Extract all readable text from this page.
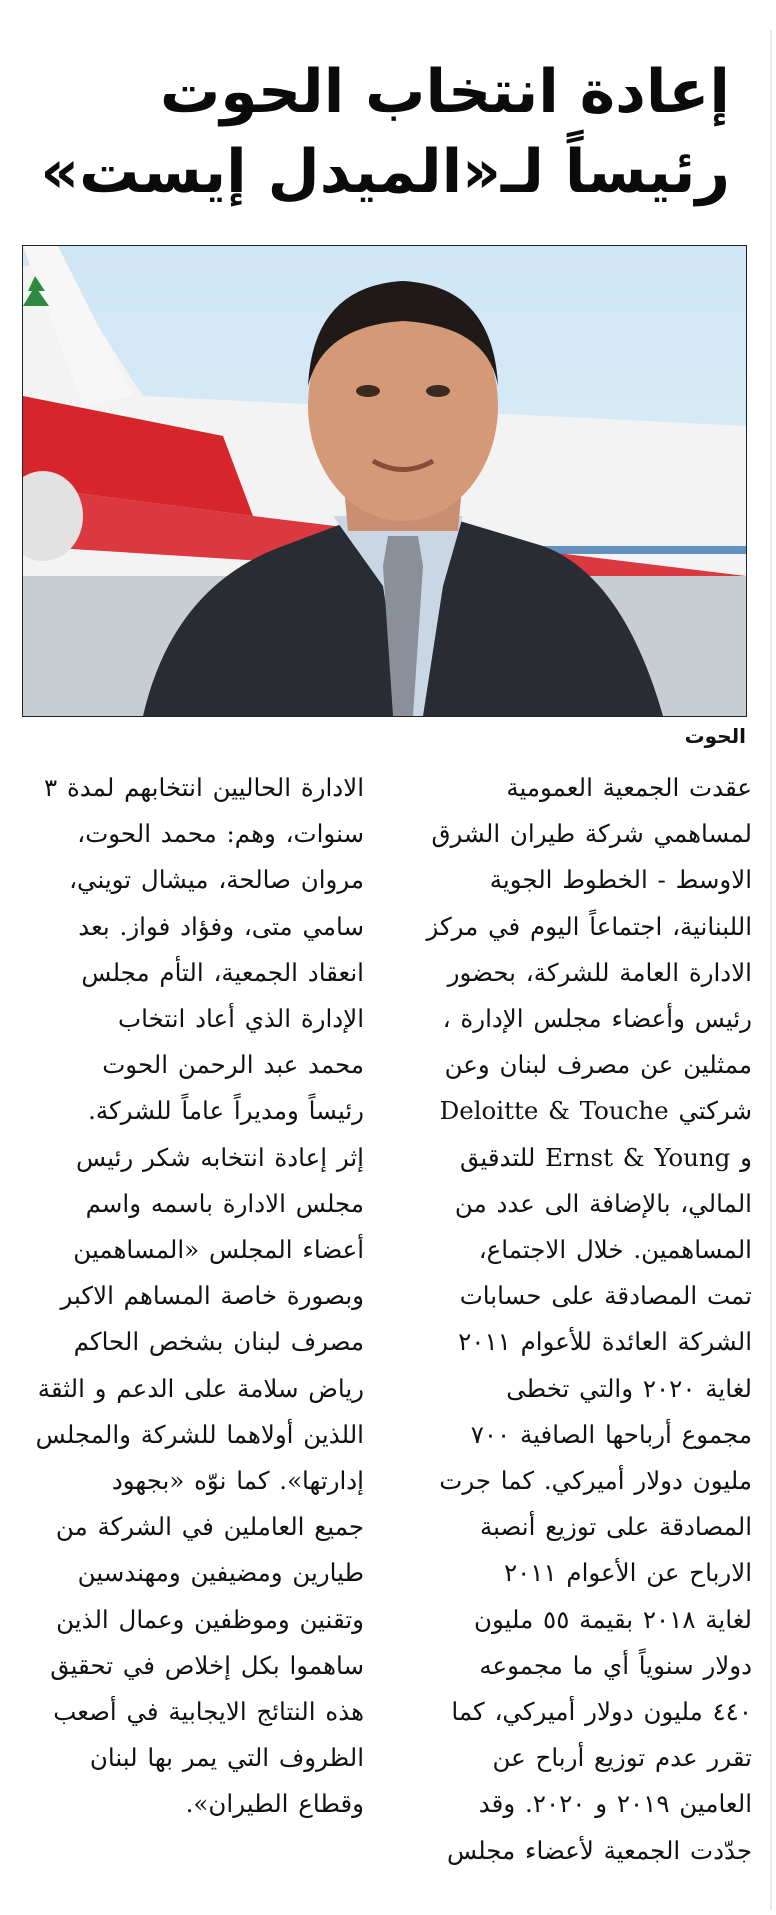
إعادة انتخاب الحوت
رئيساً لـ«الميدل إيست»
الحوت
عقدت الجمعية العمومية
لمساهمي شركة طيران الشرق
الاوسط - الخطوط الجوية
اللبنانية، اجتماعاً اليوم في مركز
الادارة العامة للشركة، بحضور
رئيس وأعضاء مجلس الإدارة ،
ممثلين عن مصرف لبنان وعن
شركتي Deloitte & Touche
و Ernst & Young للتدقيق
المالي، بالإضافة الى عدد من
المساهمين. خلال الاجتماع،
تمت المصادقة على حسابات
الشركة العائدة للأعوام ٢٠١١
لغاية ٢٠٢٠ والتي تخطى
مجموع أرباحها الصافية ٧٠٠
مليون دولار أميركي. كما جرت
المصادقة على توزيع أنصبة
الارباح عن الأعوام ٢٠١١
لغاية ٢٠١٨ بقيمة ٥٥ مليون
دولار سنوياً أي ما مجموعه
٤٤٠ مليون دولار أميركي، كما
تقرر عدم توزيع أرباح عن
العامين ٢٠١٩ و ٢٠٢٠. وقد
جدّدت الجمعية لأعضاء مجلس
الادارة الحاليين انتخابهم لمدة ٣
سنوات، وهم: محمد الحوت،
مروان صالحة، ميشال تويني،
سامي متى، وفؤاد فواز. بعد
انعقاد الجمعية، التأم مجلس
الإدارة الذي أعاد انتخاب
محمد عبد الرحمن الحوت
رئيساً ومديراً عاماً للشركة.
إثر إعادة انتخابه شكر رئيس
مجلس الادارة باسمه واسم
أعضاء المجلس «المساهمين
وبصورة خاصة المساهم الاكبر
مصرف لبنان بشخص الحاكم
رياض سلامة على الدعم و الثقة
اللذين أولاهما للشركة والمجلس
إدارتها». كما نوّه «بجهود
جميع العاملين في الشركة من
طيارين ومضيفين ومهندسين
وتقنين وموظفين وعمال الذين
ساهموا بكل إخلاص في تحقيق
هذه النتائج الايجابية في أصعب
الظروف التي يمر بها لبنان
وقطاع الطيران».
